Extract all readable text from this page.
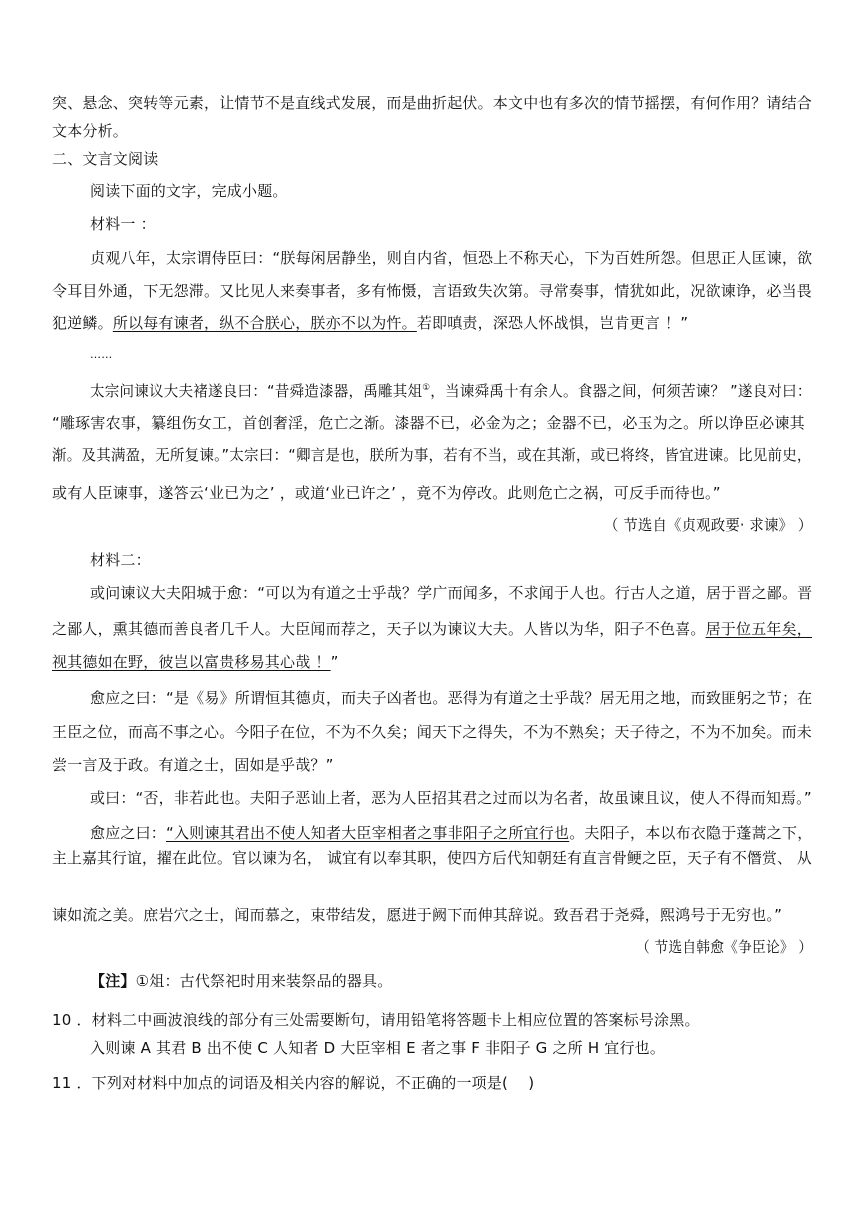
突、悬念、突转等元素，让情节不是直线式发展，而是曲折起伏。本文中也有多次的情节摇摆，有何作用？请结合
文本分析。
二、文言文阅读
阅读下面的文字，完成小题。
材料一 ：
贞观八年，太宗谓侍臣曰：“朕每闲居静坐，则自内省，恒恐上不称天心，下为百姓所怨。但思正人匡谏，欲
令耳目外通，下无怨滞。又比见人来奏事者，多有怖慑，言语致失次第。寻常奏事，情犹如此，况欲谏诤，必当畏
犯逆鳞。所以每有谏者，纵不合朕心，朕亦不以为忤。若即嗔责，深恐人怀战惧，岂肯更言 ！”
……
太宗问谏议大夫褚遂良曰：“昔舜造漆器，禹雕其俎①，当谏舜禹十有余人。食器之间，何须苦谏？ ”遂良对曰：
“雕琢害农事，纂组伤女工，首创奢淫，危亡之渐。漆器不已，必金为之；金器不已，必玉为之。所以诤臣必谏其
渐。及其满盈，无所复谏。”太宗曰：“卿言是也，朕所为事，若有不当，或在其渐，或已将终，皆宜进谏。比见前史，
或有人臣谏事，遂答云‘业已为之’ ，或道‘业已许之’ ，竟不为停改。此则危亡之祸，可反手而待也。”
（ 节选自《贞观政要· 求谏》 ）
材料二：
或问谏议大夫阳城于愈：“可以为有道之士乎哉？学广而闻多，不求闻于人也。行古人之道，居于晋之鄙。晋
之鄙人，熏其德而善良者几千人。大臣闻而荐之，天子以为谏议大夫。人皆以为华，阳子不色喜。居于位五年矣，
视其德如在野，彼岂以富贵移易其心哉 ！”
愈应之曰：“是《易》所谓恒其德贞，而夫子凶者也。恶得为有道之士乎哉？居无用之地，而致匪躬之节；在
王臣之位，而高不事之心。今阳子在位，不为不久矣；闻天下之得失，不为不熟矣；天子待之，不为不加矣。而未
尝一言及于政。有道之士，固如是乎哉？”
或曰：“否，非若此也。夫阳子恶讪上者，恶为人臣招其君之过而以为名者，故虽谏且议，使人不得而知焉。”
愈应之曰：“入则谏其君出不使人知者大臣宰相者之事非阳子之所宜行也。夫阳子，本以布衣隐于蓬蒿之下，
主上嘉其行谊，擢在此位。官以谏为名， 诚宜有以奉其职，使四方后代知朝廷有直言骨鲠之臣，天子有不僭赏、 从
谏如流之美。庶岩穴之士，闻而慕之，束带结发，愿进于阙下而伸其辞说。致吾君于尧舜，熙鸿号于无穷也。”
（ 节选自韩愈《争臣论》 ）
【注】①俎：古代祭祀时用来装祭品的器具。
10 ．材料二中画波浪线的部分有三处需要断句，请用铅笔将答题卡上相应位置的答案标号涂黑。
入则谏 A 其君 B 出不使 C 人知者 D 大臣宰相 E 者之事 F 非阳子 G 之所 H 宜行也。
11 ．下列对材料中加点的词语及相关内容的解说，不正确的一项是(　 )
